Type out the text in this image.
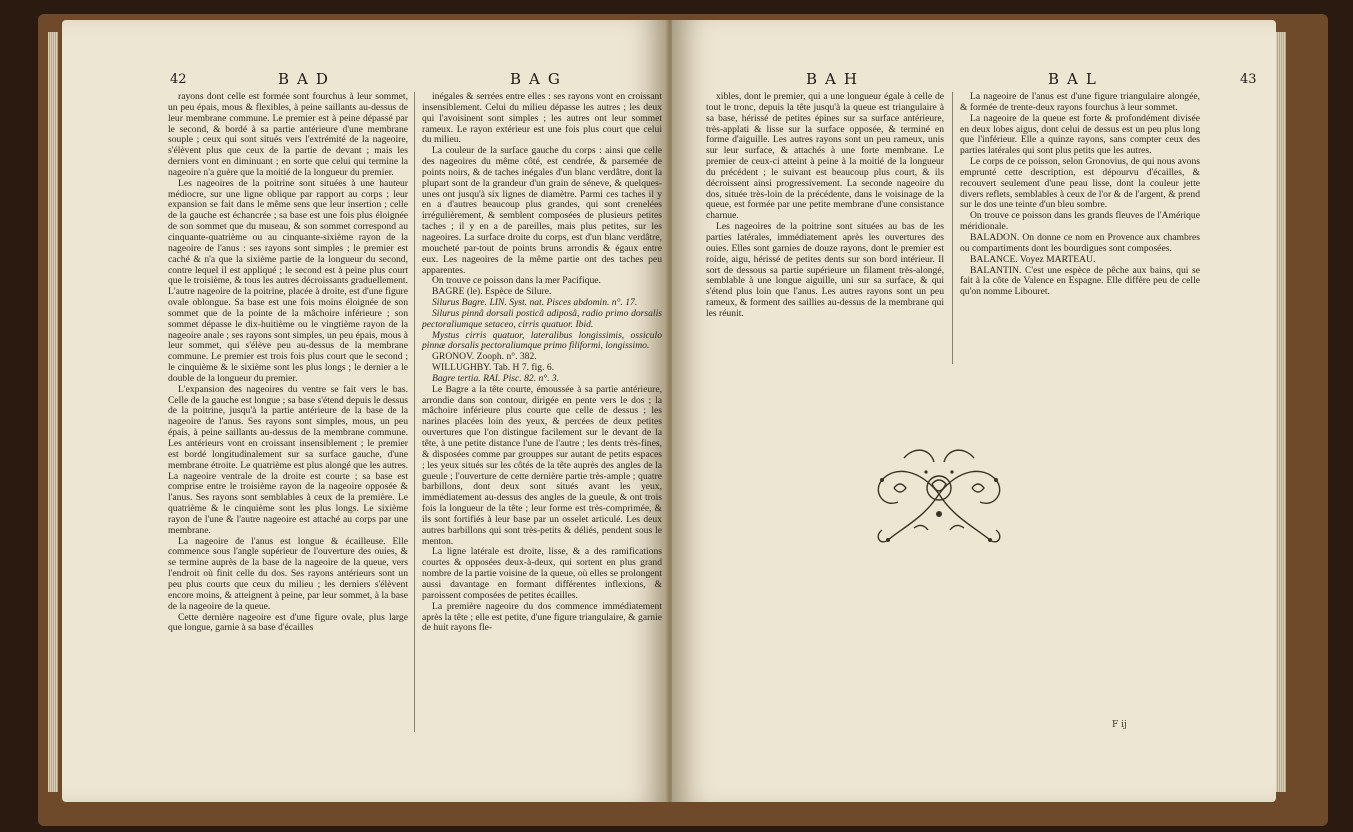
42	BAD	BAG

rayons dont celle est formée sont fourchus à leur sommet, un peu épais, mous & flexibles, à peine saillants au-dessus de leur membrane commune. Le premier est à peine dépassé par le second, & bordé à sa partie antérieure d'une membrane souple ; ceux qui sont situés vers l'extrémité de la nageoire, s'élèvent plus que ceux de la partie de devant ; mais les derniers vont en diminuant ; en sorte que celui qui termine la nageoire n'a guère que la moitié de la longueur du premier.

Les nageoires de la poitrine sont situées à une hauteur médiocre, sur une ligne oblique par rapport au corps ; leur expansion se fait dans le même sens que leur insertion ; celle de la gauche est échancrée ; sa base est une fois plus éloignée de son sommet que du museau, & son sommet correspond au cinquante-quatrième ou au cinquante-sixième rayon de la nageoire de l'anus : ses rayons sont simples ; le premier est caché & n'a que la sixième partie de la longueur du second, contre lequel il est appliqué ; le second est à peine plus court que le troisième, & tous les autres décroissants graduellement. L'autre nageoire de la poitrine, placée à droite, est d'une figure ovale oblongue. Sa base est une fois moins éloignée de son sommet que de la pointe de la mâchoire inférieure ; son sommet dépasse le dix-huitième ou le vingtième rayon de la nageoire anale ; ses rayons sont simples, un peu épais, mous à leur sommet, qui s'élève peu au-dessus de la membrane commune. Le premier est trois fois plus court que le second ; le cinquième & le sixième sont les plus longs ; le dernier a le double de la longueur du premier.

L'expansion des nageoires du ventre se fait vers le bas. Celle de la gauche est longue ; sa base s'étend depuis le dessus de la poitrine, jusqu'à la partie antérieure de la base de la nageoire de l'anus. Ses rayons sont simples, mous, un peu épais, à peine saillants au-dessus de la membrane commune. Les antérieurs vont en croissant insensiblement ; le premier est bordé longitudinalement sur sa surface gauche, d'une membrane étroite. Le quatrième est plus alongé que les autres. La nageoire ventrale de la droite est courte ; sa base est comprise entre le troisième rayon de la nageoire opposée & l'anus. Ses rayons sont semblables à ceux de la première. Le quatrième & le cinquième sont les plus longs. Le sixième rayon de l'une & l'autre nageoire est attaché au corps par une membrane.

La nageoire de l'anus est longue & écailleuse. Elle commence sous l'angle supérieur de l'ouverture des ouies, & se termine auprès de la base de la nageoire de la queue, vers l'endroit où finit celle du dos. Ses rayons antérieurs sont un peu plus courts que ceux du milieu ; les derniers s'élèvent encore moins, & atteignent à peine, par leur sommet, à la base de la nageoire de la queue.

Cette dernière nageoire est d'une figure ovale, plus large que longue, garnie à sa base d'écailles

inégales & serrées entre elles : ses rayons vont en croissant insensiblement. Celui du milieu dépasse les autres ; les deux qui l'avoisinent sont simples ; les autres ont leur sommet rameux. Le rayon extérieur est une fois plus court que celui du milieu.

La couleur de la surface gauche du corps : ainsi que celle des nageoires du même côté, est cendrée, & parsemée de points noirs, & de taches inégales d'un blanc verdâtre, dont la plupart sont de la grandeur d'un grain de séneve, & quelques-unes ont jusqu'à six lignes de diamètre. Parmi ces taches il y en a d'autres beaucoup plus grandes, qui sont crenelées irrégulièrement, & semblent composées de plusieurs petites taches ; il y en a de pareilles, mais plus petites, sur les nageoires. La surface droite du corps, est d'un blanc verdâtre, moucheté par-tout de points bruns arrondis & égaux entre eux. Les nageoires de la même partie ont des taches peu apparentes.

On trouve ce poisson dans la mer Pacifique.

BAGRE (le). Espèce de Silure.

Silurus Bagre. LIN. Syst. nat. Pisces abdomin. n°. 17.

Silurus pinnâ dorsali posticâ adiposâ, radio primo dorsalis pectoraliumque setaceo, cirris quatuor. Ibid.

Mystus cirris quatuor, lateralibus longissimis, ossiculo pinnæ dorsalis pectoraliumque primo filiformi, longissimo.

GRONOV. Zooph. n°. 382.

WILLUGHBY. Tab. H 7. fig. 6.

Bagre tertia. RAI. Pisc. 82. n°. 3.

Le Bagre a la tête courte, émoussée à sa partie antérieure, arrondie dans son contour, dirigée en pente vers le dos ; la mâchoire inférieure plus courte que celle de dessus ; les narines placées loin des yeux, & percées de deux petites ouvertures que l'on distingue facilement sur le devant de la tête, à une petite distance l'une de l'autre ; les dents très-fines, & disposées comme par grouppes sur autant de petits espaces ; les yeux situés sur les côtés de la tête auprès des angles de la gueule ; l'ouverture de cette dernière partie très-ample ; quatre barbillons, dont deux sont situés avant les yeux, immédiatement au-dessus des angles de la gueule, & ont trois fois la longueur de la tête ; leur forme est très-comprimée, & ils sont fortifiés à leur base par un osselet articulé. Les deux autres barbillons qui sont très-petits & déliés, pendent sous le menton.

La ligne latérale est droite, lisse, & a des ramifications courtes & opposées deux-à-deux, qui sortent en plus grand nombre de la partie voisine de la queue, où elles se prolongent aussi davantage en formant différentes inflexions, & paroissent composées de petites écailles.

La première nageoire du dos commence immédiatement après la tête ; elle est petite, d'une figure triangulaire, & garnie de huit rayons fle-

BAH	BAL	43

xibles, dont le premier, qui a une longueur égale à celle de tout le tronc, depuis la tête jusqu'à la queue est triangulaire à sa base, hérissé de petites épines sur sa surface antérieure, très-applati & lisse sur la surface opposée, & terminé en forme d'aiguille. Les autres rayons sont un peu rameux, unis sur leur surface, & attachés à une forte membrane. Le premier de ceux-ci atteint à peine à la moitié de la longueur du précédent ; le suivant est beaucoup plus court, & ils décroissent ainsi progressivement. La seconde nageoire du dos, située très-loin de la précédente, dans le voisinage de la queue, est formée par une petite membrane d'une consistance charnue.

Les nageoires de la poitrine sont situées au bas de les parties latérales, immédiatement après les ouvertures des ouies. Elles sont garnies de douze rayons, dont le premier est roide, aigu, hérissé de petites dents sur son bord intérieur. Il sort de dessous sa partie supérieure un filament très-alongé, semblable à une longue aiguille, uni sur sa surface, & qui s'étend plus loin que l'anus. Les autres rayons sont un peu rameux, & forment des saillies au-dessus de la membrane qui les réunit.

La nageoire de l'anus est d'une figure triangulaire alongée, & formée de trente-deux rayons fourchus à leur sommet.

La nageoire de la queue est forte & profondément divisée en deux lobes aigus, dont celui de dessus est un peu plus long que l'inférieur. Elle a quinze rayons, sans compter ceux des parties latérales qui sont plus petits que les autres.

Le corps de ce poisson, selon Gronovius, de qui nous avons emprunté cette description, est dépourvu d'écailles, & recouvert seulement d'une peau lisse, dont la couleur jette divers reflets, semblables à ceux de l'or & de l'argent, & prend sur le dos une teinte d'un bleu sombre.

On trouve ce poisson dans les grands fleuves de l'Amérique méridionale.

BALADON. On donne ce nom en Provence aux chambres ou compartiments dont les bourdigues sont composées.

BALANCE. Voyez MARTEAU.

BALANTIN. C'est une espèce de pêche aux bains, qui se fait à la côte de Valence en Espagne. Elle diffère peu de celle qu'on nomme Libouret.

F ij
